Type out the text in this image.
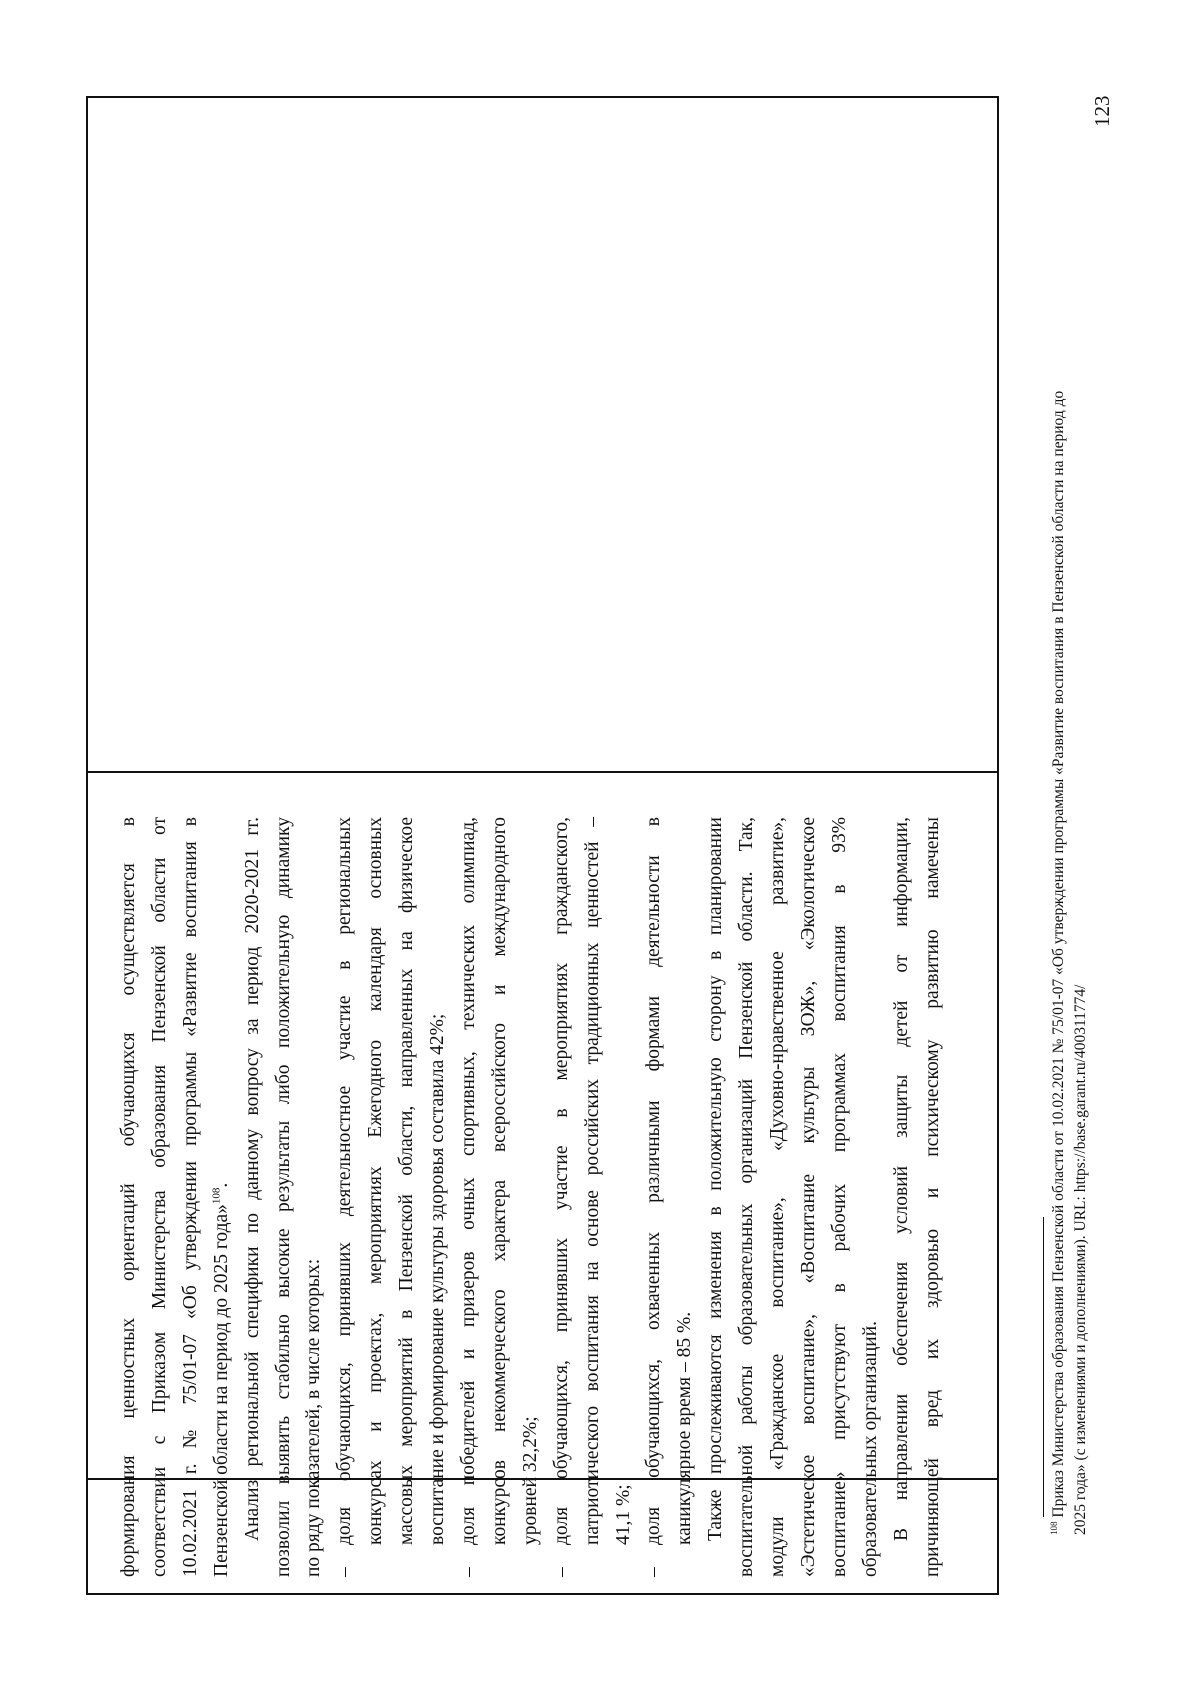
123

формирования ценностных ориентаций обучающихся осуществляется в соответствии с Приказом Министерства образования Пензенской области от 10.02.2021 г. № 75/01-07 «Об утверждении программы «Развитие воспитания в Пензенской области на период до 2025 года»$^{108}$. Анализ региональной специфики по данному вопросу за период 2020-2021 гг. позволил выявить стабильно высокие результаты либо положительную динамику по ряду показателей, в числе которых: –

доля обучающихся, принявших деятельностное участие в региональных конкурсах и проектах, мероприятиях Ежегодного календаря основных массовых мероприятий в Пензенской области, направленных на физическое воспитание и формирование культуры здоровья составила 42%;

–

доля победителей и призеров очных спортивных, технических олимпиад, конкурсов некоммерческого характера всероссийского и международного уровней 32,2%;

–

доля обучающихся, принявших участие в мероприятиях гражданского, патриотического воспитания на основе российских традиционных ценностей – 41,1 %;

–

доля обучающихся, охваченных различными формами деятельности в каникулярное время – 85 %. Также прослеживаются изменения в положительную сторону в планировании воспитательной работы образовательных организаций Пензенской области. Так, модули «Гражданское воспитание», «Духовно-нравственное развитие», «Эстетическое воспитание», «Воспитание культуры ЗОЖ», «Экологическое воспитание» присутствуют в рабочих программах воспитания в 93% образовательных организаций. В направлении обеспечения условий защиты детей от информации, причиняющей вред их здоровью и психическому развитию намечены	$^{108}$ Приказ Министерства образования Пензенской области от 10.02.2021 № 75/01-07 «Об утверждении программы «Развитие воспитания в Пензенской области на период до 2025 года» (с изменениями и дополнениями). URL: https://base.garant.ru/400311774/
